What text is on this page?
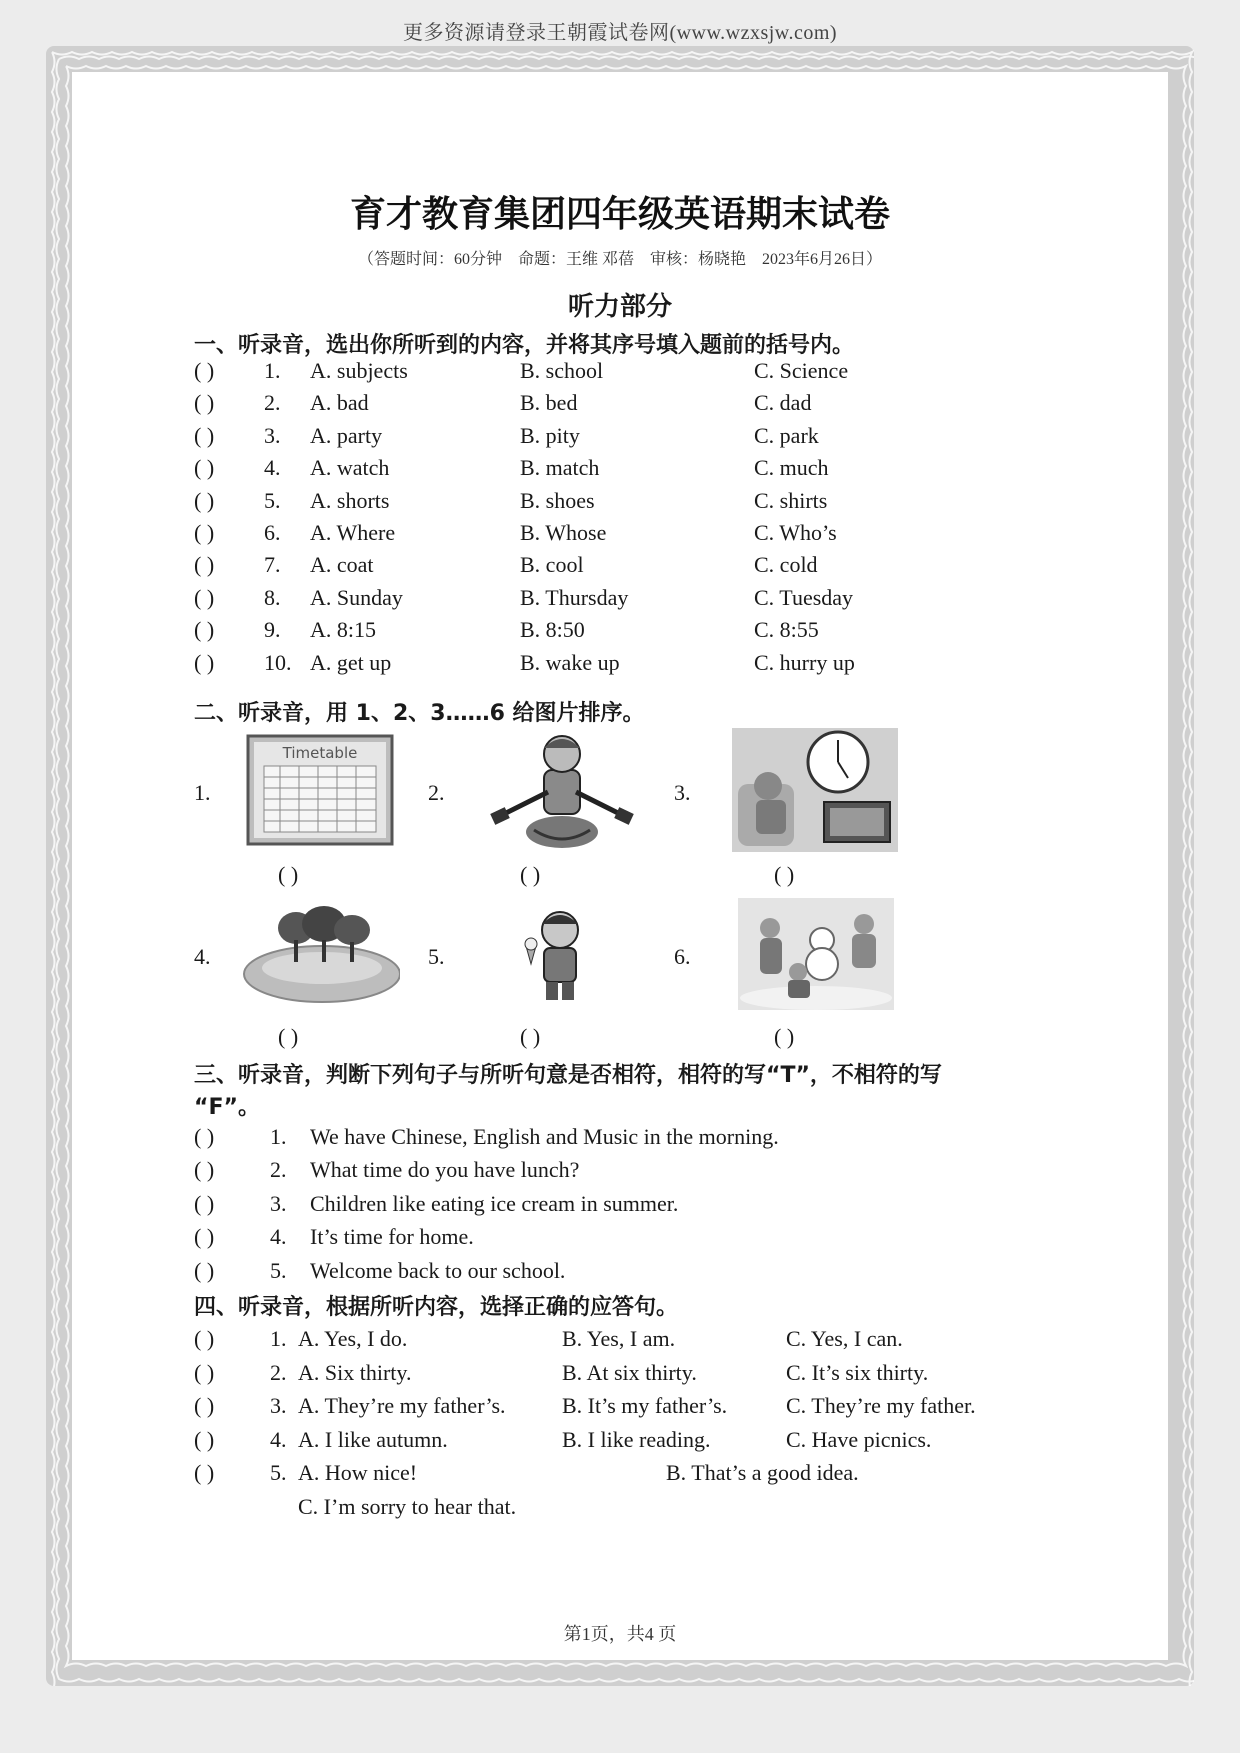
更多资源请登录王朝霞试卷网(www.wzxsjw.com)
育才教育集团四年级英语期末试卷
（答题时间：60分钟　命题：王维 邓蓓　审核：杨晓艳　2023年6月26日）
听力部分
一、听录音，选出你所听到的内容，并将其序号填入题前的括号内。
( ) 1. A. subjects	B. school	C. Science
( ) 2. A. bad	B. bed	C. dad
( ) 3. A. party	B. pity	C. park
( ) 4. A. watch	B. match	C. much
( ) 5. A. shorts	B. shoes	C. shirts
( ) 6. A. Where	B. Whose	C. Who’s
( ) 7. A. coat	B. cool	C. cold
( ) 8. A. Sunday	B. Thursday	C. Tuesday
( ) 9. A. 8:15	B. 8:50	C. 8:55
( ) 10. A. get up	B. wake up	C. hurry up
二、听录音，用 1、2、3……6 给图片排序。
1.	2.	3.
4.	5.	6.
Timetable
( )	( )	( )
( )	( )	( )
三、听录音，判断下列句子与所听句意是否相符，相符的写“T”，不相符的写
“F”。
( )	1. We have Chinese, English and Music in the morning.
( )	2. What time do you have lunch?
( )	3. Children like eating ice cream in summer.
( )	4. It’s time for home.
( )	5. Welcome back to our school.
四、听录音，根据所听内容，选择正确的应答句。
( )	1. A. Yes, I do.	B. Yes, I am.	C. Yes, I can.
( )	2. A. Six thirty.	B. At six thirty.	C. It’s six thirty.
( )	3. A. They’re my father’s.	B. It’s my father’s.	C. They’re my father.
( )	4. A. I like autumn.	B. I like reading.	C. Have picnics.
( )	5. A. How nice!	B. That’s a good idea.
C. I’m sorry to hear that.
第1页，共4 页
